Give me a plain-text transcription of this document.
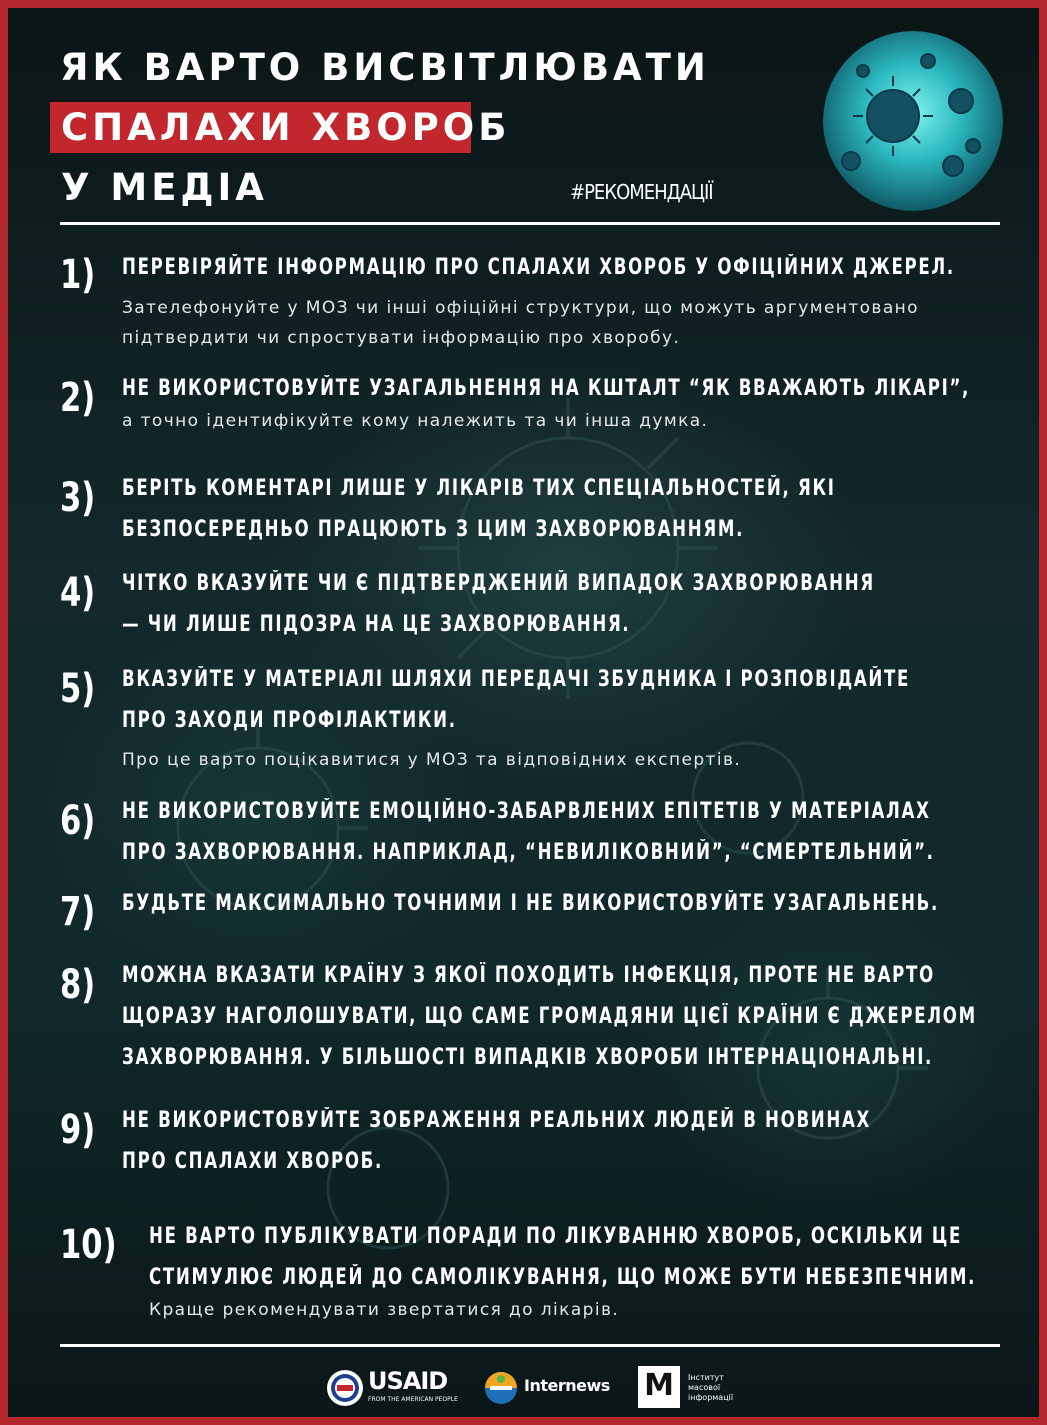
ЯК ВАРТО ВИСВІТЛЮВАТИ
СПАЛАХИ ХВОРОБ
У МЕДІА	#РЕКОМЕНДАЦІЇ
1) ПЕРЕВІРЯЙТЕ ІНФОРМАЦІЮ ПРО СПАЛАХИ ХВОРОБ У ОФІЦІЙНИХ ДЖЕРЕЛ.

Зателефонуйте у МОЗ чи інші офіційні структури, що можуть аргументовано

підтвердити чи спростувати інформацію про хворобу.

2) НЕ ВИКОРИСТОВУЙТЕ УЗАГАЛЬНЕННЯ НА КШТАЛТ “ЯК ВВАЖАЮТЬ ЛІКАРІ”,

а точно ідентифікуйте кому належить та чи інша думка.

3) БЕРІТЬ КОМЕНТАРІ ЛИШЕ У ЛІКАРІВ ТИХ СПЕЦІАЛЬНОСТЕЙ, ЯКІ

БЕЗПОСЕРЕДНЬО ПРАЦЮЮТЬ З ЦИМ ЗАХВОРЮВАННЯМ.

4) ЧІТКО ВКАЗУЙТЕ ЧИ Є ПІДТВЕРДЖЕНИЙ ВИПАДОК ЗАХВОРЮВАННЯ

— ЧИ ЛИШЕ ПІДОЗРА НА ЦЕ ЗАХВОРЮВАННЯ.

5) ВКАЗУЙТЕ У МАТЕРІАЛІ ШЛЯХИ ПЕРЕДАЧІ ЗБУДНИКА І РОЗПОВІДАЙТЕ

ПРО ЗАХОДИ ПРОФІЛАКТИКИ.

Про це варто поцікавитися у МОЗ та відповідних експертів.

6) НЕ ВИКОРИСТОВУЙТЕ ЕМОЦІЙНО-ЗАБАРВЛЕНИХ ЕПІТЕТІВ У МАТЕРІАЛАХ

ПРО ЗАХВОРЮВАННЯ. НАПРИКЛАД, “НЕВИЛІКОВНИЙ”, “СМЕРТЕЛЬНИЙ”.

7) БУДЬТЕ МАКСИМАЛЬНО ТОЧНИМИ І НЕ ВИКОРИСТОВУЙТЕ УЗАГАЛЬНЕНЬ.

8) МОЖНА ВКАЗАТИ КРАЇНУ З ЯКОЇ ПОХОДИТЬ ІНФЕКЦІЯ, ПРОТЕ НЕ ВАРТО

ЩОРАЗУ НАГОЛОШУВАТИ, ЩО САМЕ ГРОМАДЯНИ ЦІЄЇ КРАЇНИ Є ДЖЕРЕЛОМ

ЗАХВОРЮВАННЯ. У БІЛЬШОСТІ ВИПАДКІВ ХВОРОБИ ІНТЕРНАЦІОНАЛЬНІ.

9) НЕ ВИКОРИСТОВУЙТЕ ЗОБРАЖЕННЯ РЕАЛЬНИХ ЛЮДЕЙ В НОВИНАХ

ПРО СПАЛАХИ ХВОРОБ.

10) НЕ ВАРТО ПУБЛІКУВАТИ ПОРАДИ ПО ЛІКУВАННЮ ХВОРОБ, ОСКІЛЬКИ ЦЕ

СТИМУЛЮЄ ЛЮДЕЙ ДО САМОЛІКУВАННЯ, ЩО МОЖЕ БУТИ НЕБЕЗПЕЧНИМ.

Краще рекомендувати звертатися до лікарів.

USAID
FROM THE AMERICAN PEOPLE
Internews М	Інститут
масової
інформації
